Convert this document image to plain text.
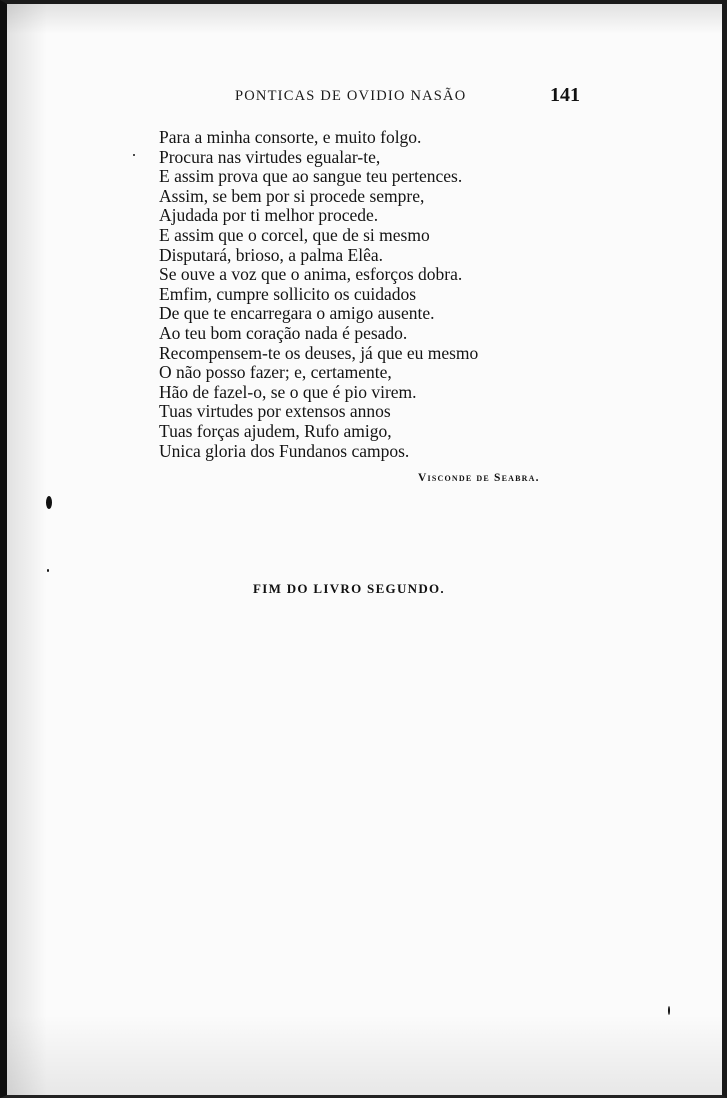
PONTICAS DE OVIDIO NASÃO	141
Para a minha consorte, e muito folgo.
Procura nas virtudes egualar-te,
E assim prova que ao sangue teu pertences.
Assim, se bem por si procede sempre,
Ajudada por ti melhor procede.
E assim que o corcel, que de si mesmo
Disputará, brioso, a palma Elêa.
Se ouve a voz que o anima, esforços dobra.
Emfim, cumpre sollicito os cuidados
De que te encarregara o amigo ausente.
Ao teu bom coração nada é pesado.
Recompensem-te os deuses, já que eu mesmo
O não posso fazer; e, certamente,
Hão de fazel-o, se o que é pio virem.
Tuas virtudes por extensos annos
Tuas forças ajudem, Rufo amigo,
Unica gloria dos Fundanos campos.
Visconde de Seabra.
FIM DO LIVRO SEGUNDO.
